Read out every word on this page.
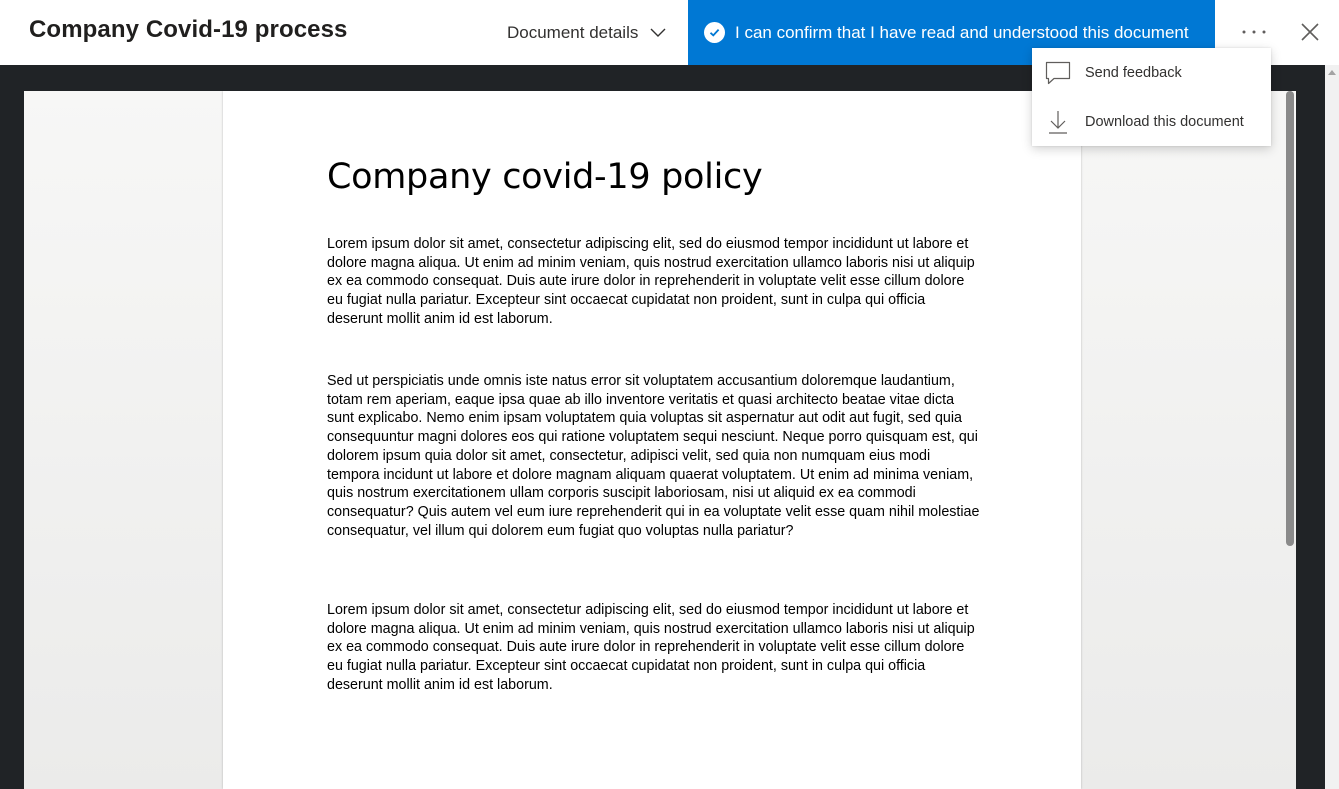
Company Covid-19 process	Document details	I can confirm that I have read and understood this document
Company covid-19 policy
Lorem ipsum dolor sit amet, consectetur adipiscing elit, sed do eiusmod tempor incididunt ut labore et dolore magna aliqua. Ut enim ad minim veniam, quis nostrud exercitation ullamco laboris nisi ut aliquip ex ea commodo consequat. Duis aute irure dolor in reprehenderit in voluptate velit esse cillum dolore eu fugiat nulla pariatur. Excepteur sint occaecat cupidatat non proident, sunt in culpa qui officia deserunt mollit anim id est laborum.
Sed ut perspiciatis unde omnis iste natus error sit voluptatem accusantium doloremque laudantium, totam rem aperiam, eaque ipsa quae ab illo inventore veritatis et quasi architecto beatae vitae dicta sunt explicabo. Nemo enim ipsam voluptatem quia voluptas sit aspernatur aut odit aut fugit, sed quia consequuntur magni dolores eos qui ratione voluptatem sequi nesciunt. Neque porro quisquam est, qui dolorem ipsum quia dolor sit amet, consectetur, adipisci velit, sed quia non numquam eius modi tempora incidunt ut labore et dolore magnam aliquam quaerat voluptatem. Ut enim ad minima veniam, quis nostrum exercitationem ullam corporis suscipit laboriosam, nisi ut aliquid ex ea commodi consequatur? Quis autem vel eum iure reprehenderit qui in ea voluptate velit esse quam nihil molestiae consequatur, vel illum qui dolorem eum fugiat quo voluptas nulla pariatur?
Lorem ipsum dolor sit amet, consectetur adipiscing elit, sed do eiusmod tempor incididunt ut labore et dolore magna aliqua. Ut enim ad minim veniam, quis nostrud exercitation ullamco laboris nisi ut aliquip ex ea commodo consequat. Duis aute irure dolor in reprehenderit in voluptate velit esse cillum dolore eu fugiat nulla pariatur. Excepteur sint occaecat cupidatat non proident, sunt in culpa qui officia deserunt mollit anim id est laborum.
Send feedback
Download this document
